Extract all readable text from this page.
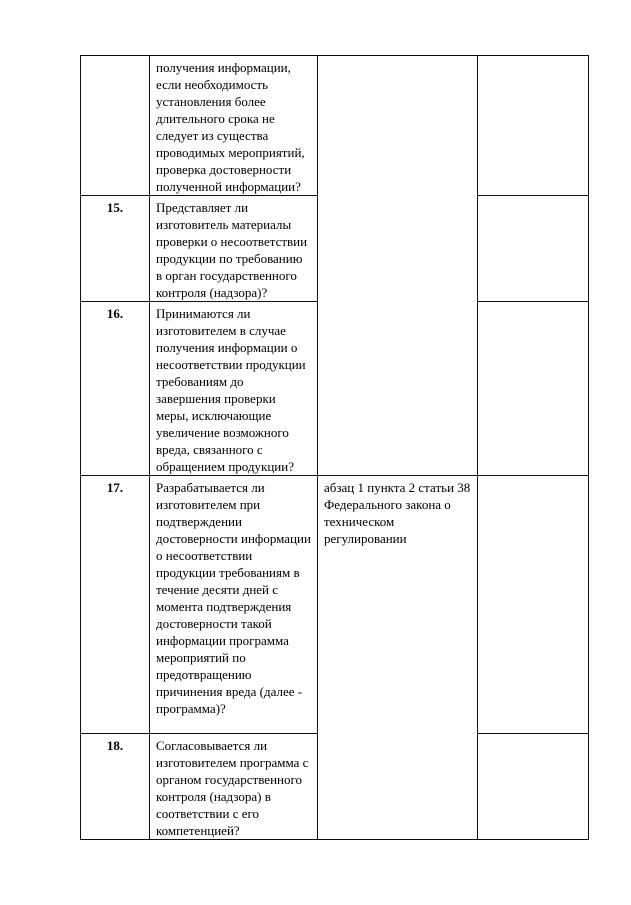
	получения информации, если необходимость установления более длительного срока не следует из существа проводимых мероприятий, проверка достоверности полученной информации?		
15.	Представляет ли изготовитель материалы проверки о несоответствии продукции по требованию в орган государственного контроля (надзора)?		
16.	Принимаются ли изготовителем в случае получения информации о несоответствии продукции требованиям до завершения проверки меры, исключающие увеличение возможного вреда, связанного с обращением продукции?		
17.	Разрабатывается ли изготовителем при подтверждении достоверности информации о несоответствии продукции требованиям в течение десяти дней с момента подтверждения достоверности такой информации программа мероприятий по предотвращению причинения вреда (далее - программа)?	абзац 1 пункта 2 статьи 38 Федерального закона о техническом регулировании	
18.	Согласовывается ли изготовителем программа с органом государственного контроля (надзора) в соответствии с его компетенцией?		
